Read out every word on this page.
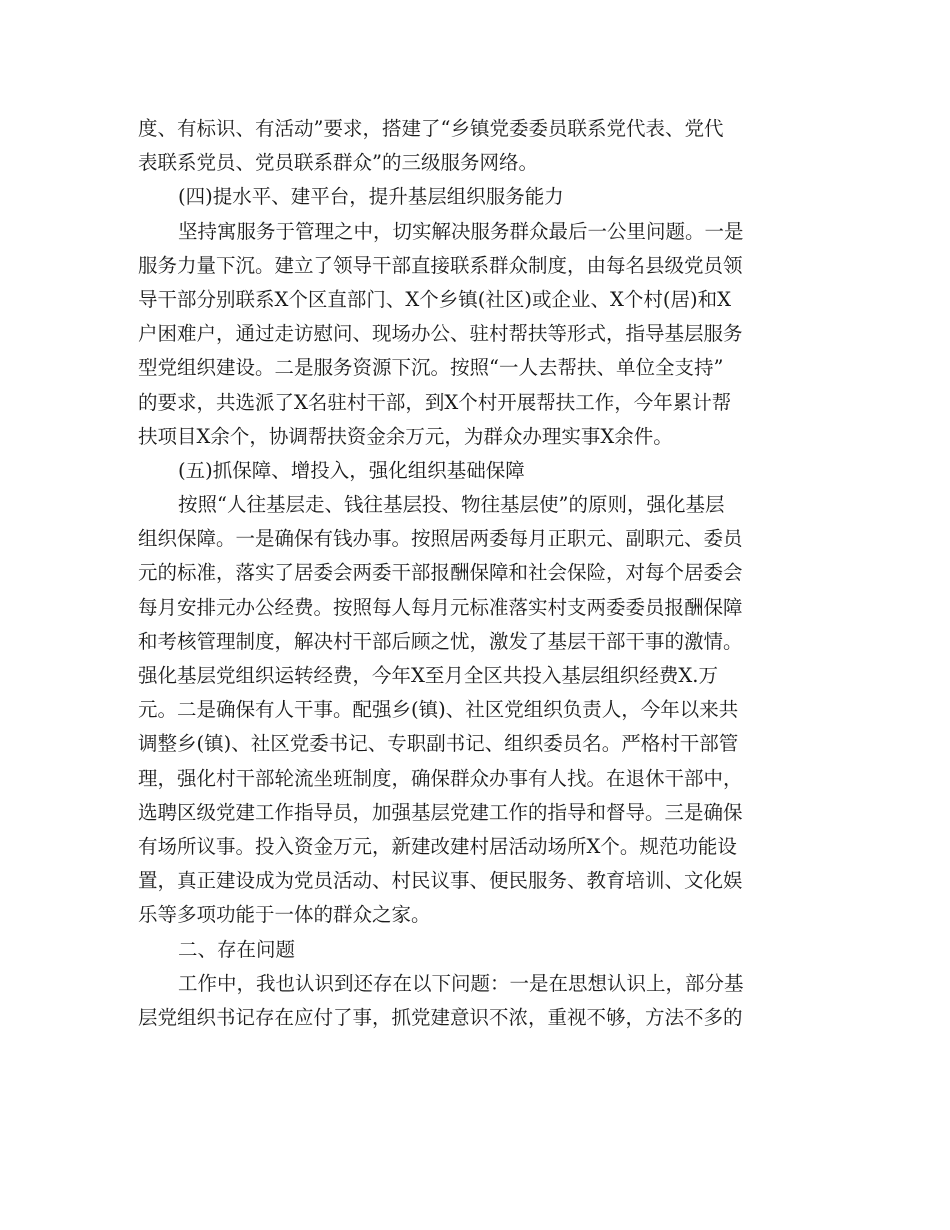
度、有标识、有活动”要求，搭建了“乡镇党委委员联系党代表、党代
表联系党员、党员联系群众”的三级服务网络。
(四)提水平、建平台，提升基层组织服务能力
坚持寓服务于管理之中，切实解决服务群众最后一公里问题。一是
服务力量下沉。建立了领导干部直接联系群众制度，由每名县级党员领
导干部分别联系X个区直部门、X个乡镇(社区)或企业、X个村(居)和X
户困难户，通过走访慰问、现场办公、驻村帮扶等形式，指导基层服务
型党组织建设。二是服务资源下沉。按照“一人去帮扶、单位全支持”
的要求，共选派了X名驻村干部，到X个村开展帮扶工作，今年累计帮
扶项目X余个，协调帮扶资金余万元，为群众办理实事X余件。
(五)抓保障、增投入，强化组织基础保障
按照“人往基层走、钱往基层投、物往基层使”的原则，强化基层
组织保障。一是确保有钱办事。按照居两委每月正职元、副职元、委员
元的标准，落实了居委会两委干部报酬保障和社会保险，对每个居委会
每月安排元办公经费。按照每人每月元标准落实村支两委委员报酬保障
和考核管理制度，解决村干部后顾之忧，激发了基层干部干事的激情。
强化基层党组织运转经费，今年X至月全区共投入基层组织经费X.万
元。二是确保有人干事。配强乡(镇)、社区党组织负责人，今年以来共
调整乡(镇)、社区党委书记、专职副书记、组织委员名。严格村干部管
理，强化村干部轮流坐班制度，确保群众办事有人找。在退休干部中，
选聘区级党建工作指导员，加强基层党建工作的指导和督导。三是确保
有场所议事。投入资金万元，新建改建村居活动场所X个。规范功能设
置，真正建设成为党员活动、村民议事、便民服务、教育培训、文化娱
乐等多项功能于一体的群众之家。
二、存在问题
工作中，我也认识到还存在以下问题：一是在思想认识上，部分基
层党组织书记存在应付了事，抓党建意识不浓，重视不够，方法不多的
